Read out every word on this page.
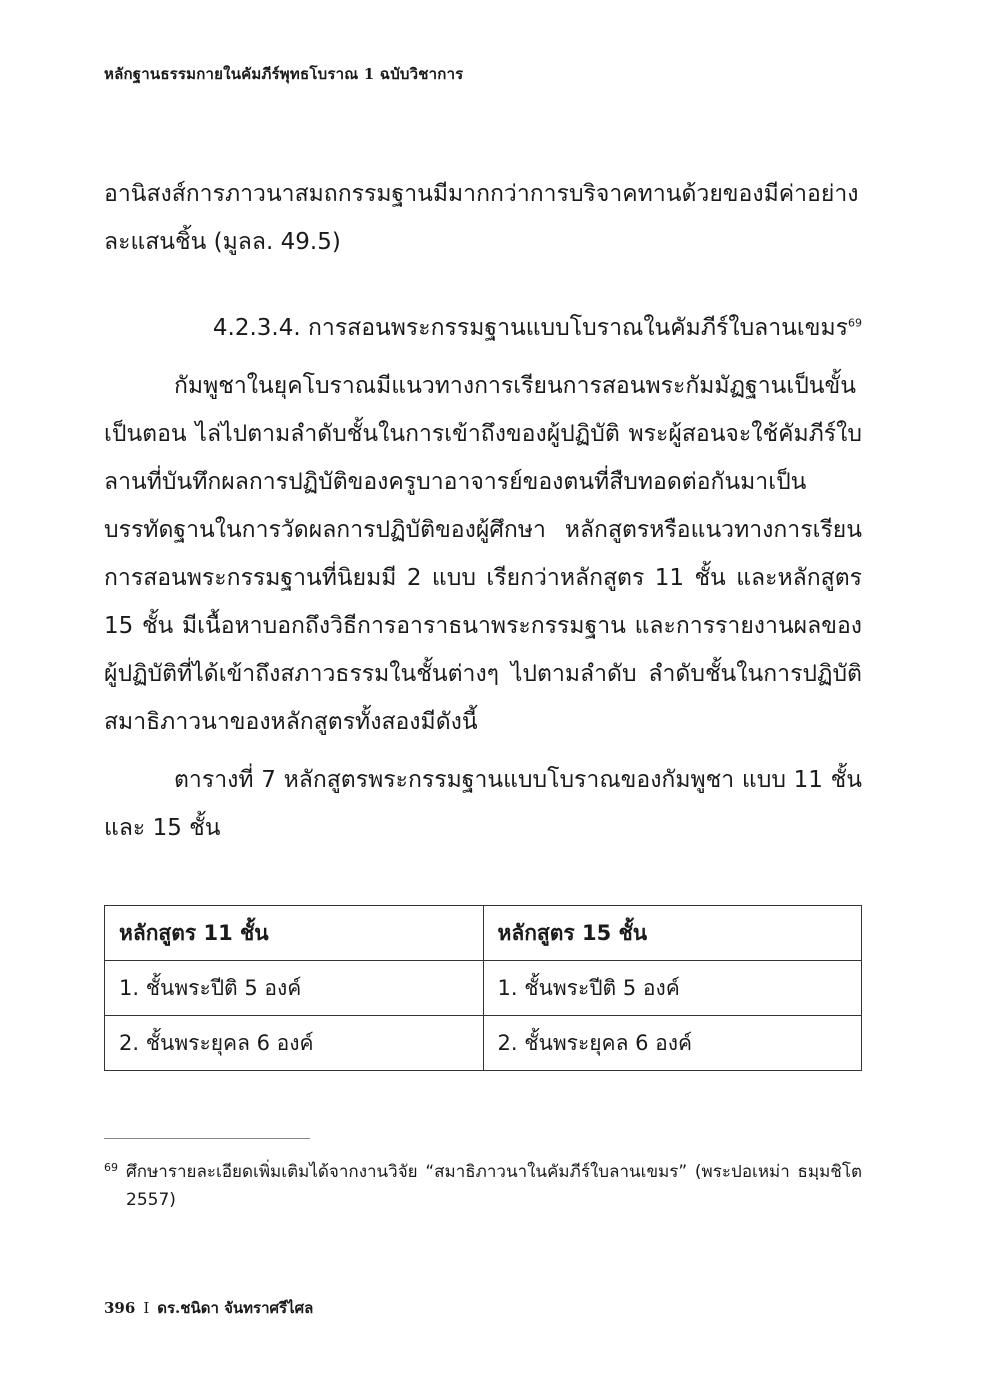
หลักฐานธรรมกายในคัมภีร์พุทธโบราณ 1 ฉบับวิชาการ
อานิสงส์การภาวนาสมถกรรมฐานมีมากกว่าการบริจาคทานด้วยของมีค่าอย่างละแสนชิ้น (มูลล. 49.5)
4.2.3.4. การสอนพระกรรมฐานแบบโบราณในคัมภีร์ใบลานเขมร$^{69}$
กัมพูชาในยุคโบราณมีแนวทางการเรียนการสอนพระกัมมัฏฐานเป็นขั้นเป็นตอน ไล่ไปตามลำดับชั้นในการเข้าถึงของผู้ปฏิบัติ พระผู้สอนจะใช้คัมภีร์ใบลานที่บันทึกผลการปฏิบัติของครูบาอาจารย์ของตนที่สืบทอดต่อกันมาเป็นบรรทัดฐานในการวัดผลการปฏิบัติของผู้ศึกษา หลักสูตรหรือแนวทางการเรียนการสอนพระกรรมฐานที่นิยมมี 2 แบบ เรียกว่าหลักสูตร 11 ชั้น และหลักสูตร 15 ชั้น มีเนื้อหาบอกถึงวิธีการอาราธนาพระกรรมฐาน และการรายงานผลของผู้ปฏิบัติที่ได้เข้าถึงสภาวธรรมในชั้นต่างๆ ไปตามลำดับ ลำดับชั้นในการปฏิบัติสมาธิภาวนาของหลักสูตรทั้งสองมีดังนี้
ตารางที่ 7 หลักสูตรพระกรรมฐานแบบโบราณของกัมพูชา แบบ 11 ชั้น และ 15 ชั้น
หลักสูตร 11 ชั้น	หลักสูตร 15 ชั้น
1. ชั้นพระปีติ 5 องค์	1. ชั้นพระปีติ 5 องค์
2. ชั้นพระยุคล 6 องค์	2. ชั้นพระยุคล 6 องค์
69 ศึกษารายละเอียดเพิ่มเติมได้จากงานวิจัย “สมาธิภาวนาในคัมภีร์ใบลานเขมร” (พระปอเหม่า ธมฺมชิโต 2557)
396 I ดร.ชนิดา จันทราศรีไศล
